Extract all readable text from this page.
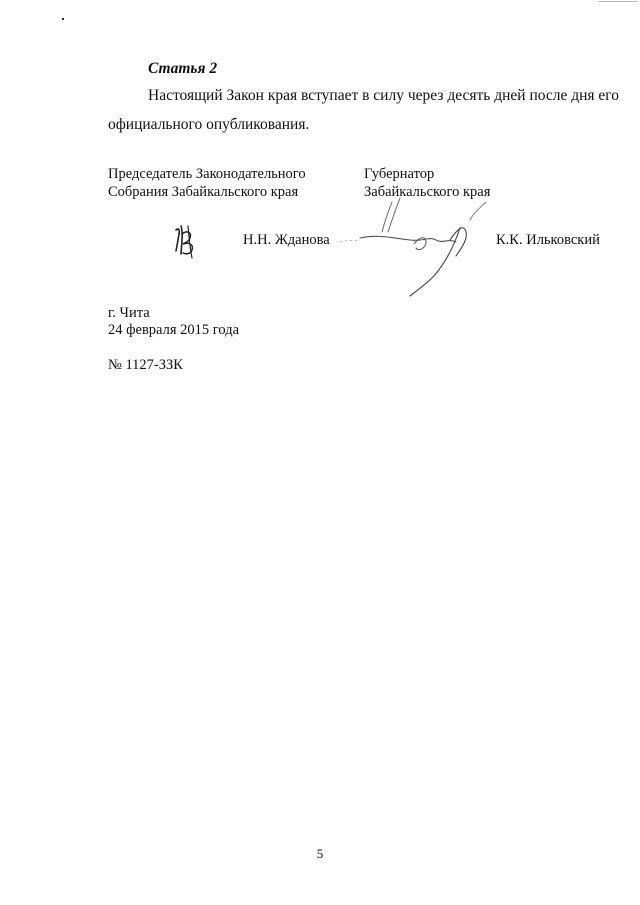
Статья 2
Настоящий Закон края вступает в силу через десять дней после дня его
официального опубликования.
Председатель Законодательного
Собрания Забайкальского края
Губернатор
Забайкальского края
Н.Н. Жданова	К.К. Ильковский
г. Чита
24 февраля 2015 года
№ 1127-ЗЗК
5
